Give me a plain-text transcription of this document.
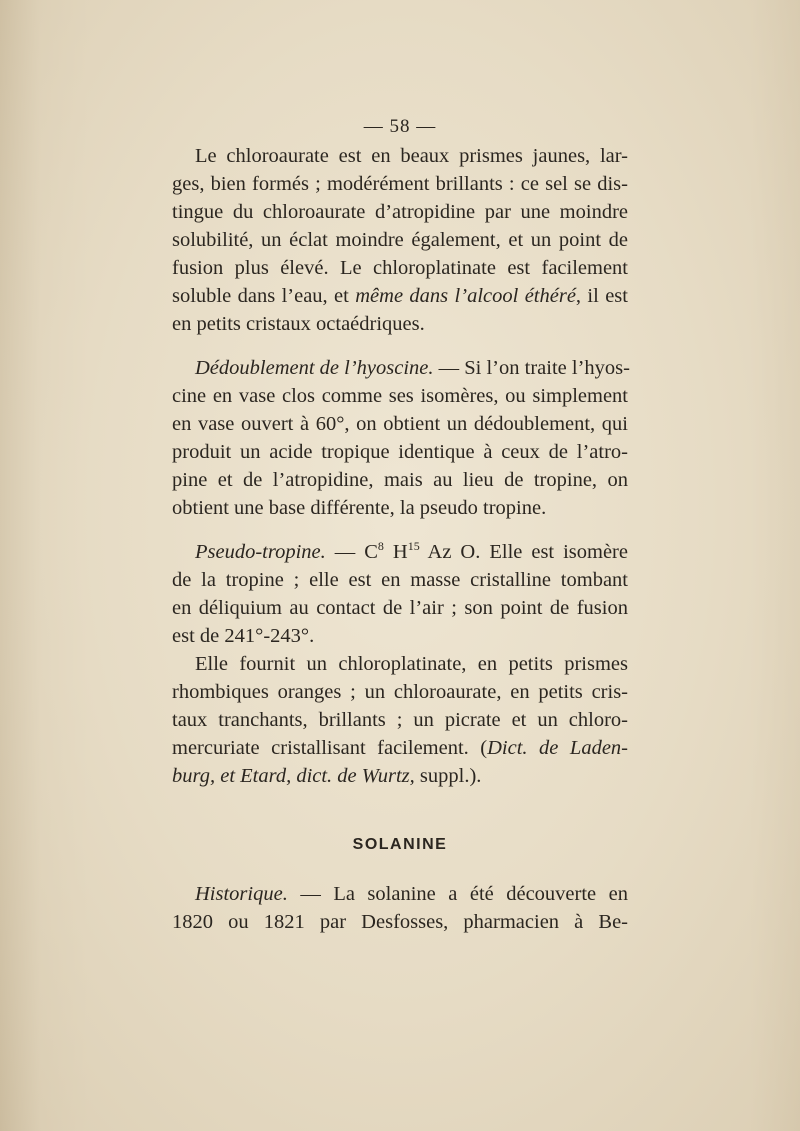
— 58 —
Le chloroaurate est en beaux prismes jaunes, lar-
ges, bien formés ; modérément brillants : ce sel se dis-
tingue du chloroaurate d’atropidine par une moindre
solubilité, un éclat moindre également, et un point de
fusion plus élevé. Le chloroplatinate est facilement
soluble dans l’eau, et même dans l’alcool éthéré, il est
en petits cristaux octaédriques.
Dédoublement de l’hyoscine. — Si l’on traite l’hyos-
cine en vase clos comme ses isomères, ou simplement
en vase ouvert à 60°, on obtient un dédoublement, qui
produit un acide tropique identique à ceux de l’atro-
pine et de l’atropidine, mais au lieu de tropine, on
obtient une base différente, la pseudo tropine.
Pseudo-tropine. — $C^8$ $H^{15}$ Az O. Elle est isomère
de la tropine ; elle est en masse cristalline tombant
en déliquium au contact de l’air ; son point de fusion
est de 241°-243°.
Elle fournit un chloroplatinate, en petits prismes
rhombiques oranges ; un chloroaurate, en petits cris-
taux tranchants, brillants ; un picrate et un chloro-
mercuriate cristallisant facilement. (Dict. de Laden-
burg, et Etard, dict. de Wurtz, suppl.).
SOLANINE
Historique. — La solanine a été découverte en
1820 ou 1821 par Desfosses, pharmacien à Be-
